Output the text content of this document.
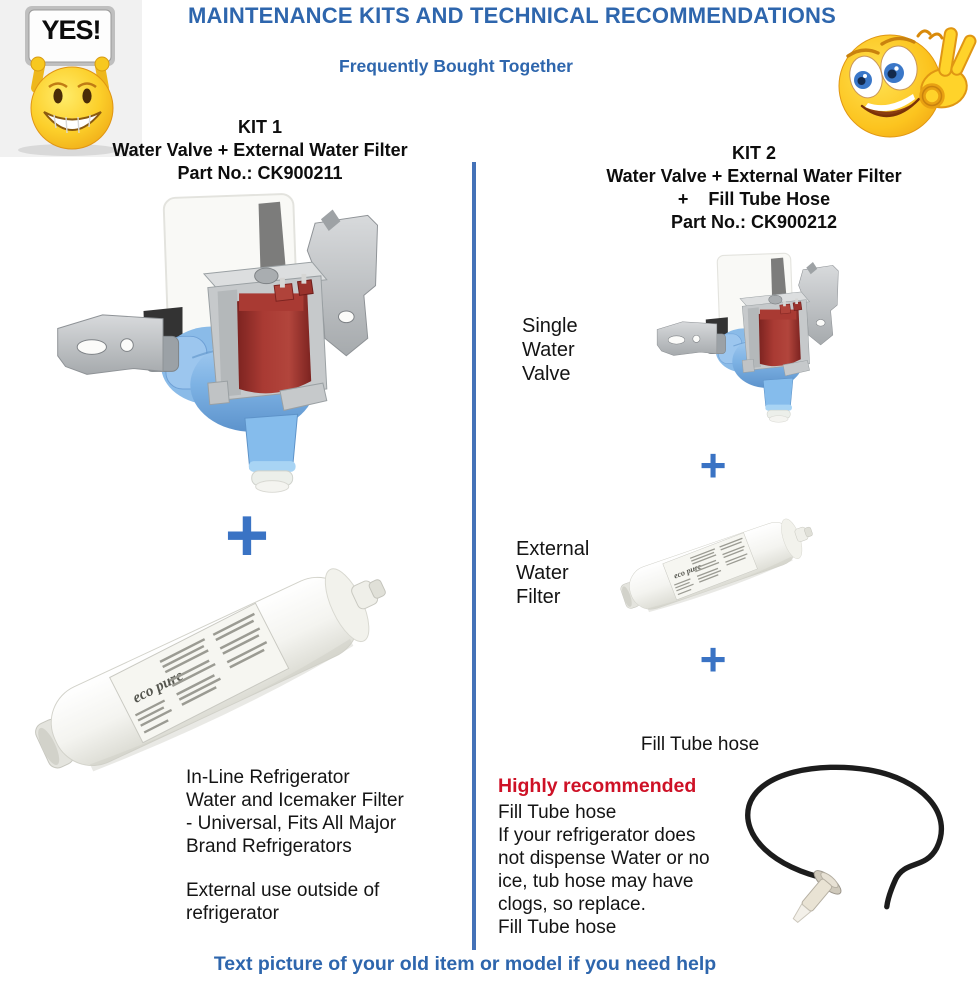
MAINTENANCE KITS AND TECHNICAL RECOMMENDATIONS
Frequently Bought Together
YES!
KIT 1
Water Valve + External Water Filter
Part No.: CK900211
KIT 2
Water Valve + External Water Filter
+    Fill Tube Hose
Part No.: CK900212
+
In-Line Refrigerator
Water and Icemaker Filter
- Universal, Fits All Major
Brand Refrigerators
External use outside of
refrigerator
Single
Water
Valve
+
External
Water
Filter
+
Fill Tube hose
Highly recommended
Fill Tube hose
If your refrigerator does
not dispense Water or no
ice, tub hose may have
clogs, so replace.
Fill Tube hose
Text picture of your old item or model if you need help
